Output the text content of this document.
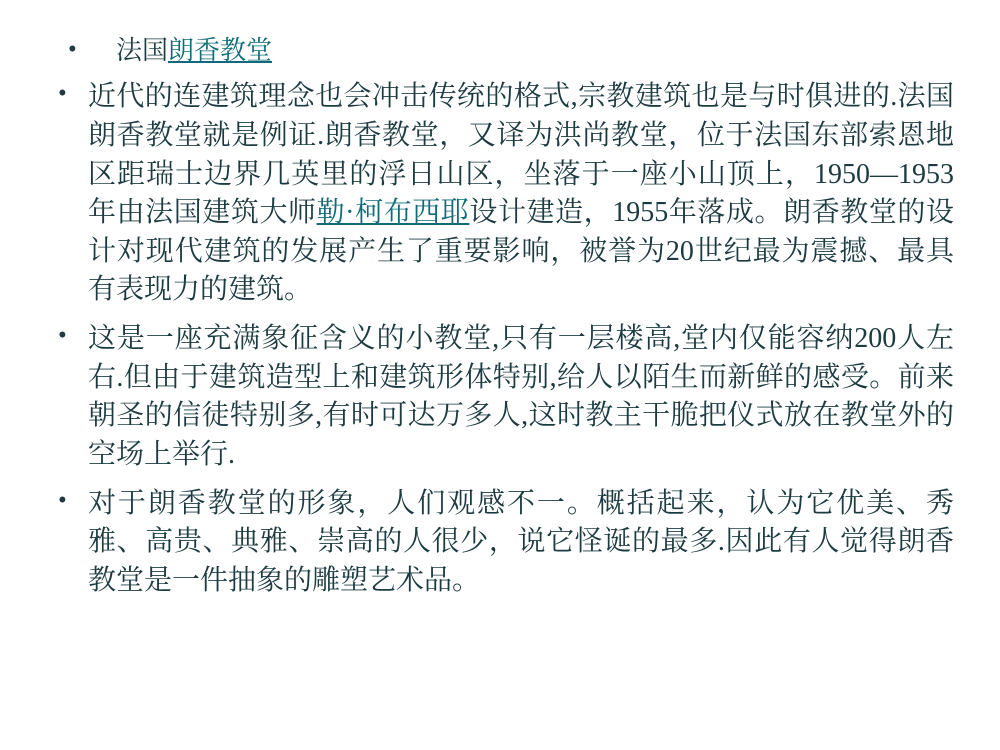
• 法国朗香教堂
• 近代的连建筑理念也会冲击传统的格式,宗教建筑也是与时俱进的.法国朗香教堂就是例证.朗香教堂，又译为洪尚教堂，位于法国东部索恩地区距瑞士边界几英里的浮日山区，坐落于一座小山顶上，1950—1953年由法国建筑大师勒·柯布西耶设计建造，1955年落成。朗香教堂的设计对现代建筑的发展产生了重要影响，被誉为20世纪最为震撼、最具有表现力的建筑。
• 这是一座充满象征含义的小教堂,只有一层楼高,堂内仅能容纳200人左右.但由于建筑造型上和建筑形体特别,给人以陌生而新鲜的感受。前来朝圣的信徒特别多,有时可达万多人,这时教主干脆把仪式放在教堂外的空场上举行.
• 对于朗香教堂的形象，人们观感不一。概括起来，认为它优美、秀雅、高贵、典雅、崇高的人很少，说它怪诞的最多.因此有人觉得朗香教堂是一件抽象的雕塑艺术品。
